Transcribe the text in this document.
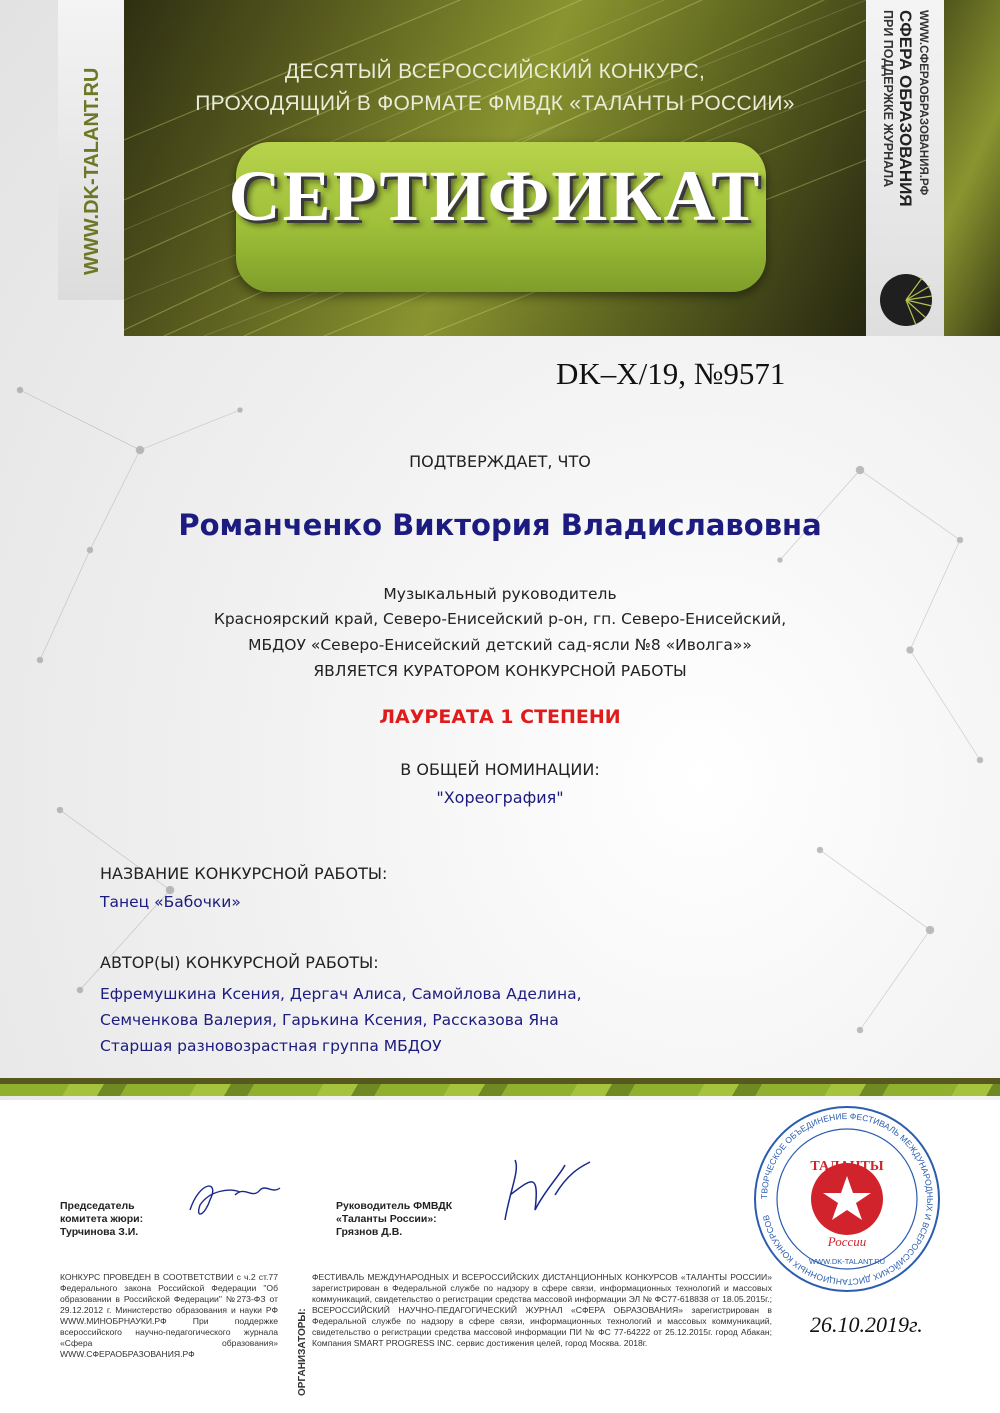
WWW.DK-TALANT.RU	ДЕСЯТЫЙ ВСЕРОССИЙСКИЙ КОНКУРС,
ПРОХОДЯЩИЙ В ФОРМАТЕ ФМВДК «ТАЛАНТЫ РОССИИ»
СЕРТИФИКАТ
ПРИ ПОДДЕРЖКЕ ЖУРНАЛА СФЕРА ОБРАЗОВАНИЯ WWW.СФЕРАОБРАЗОВАНИЯ.РФ
DK–X/19, №9571
ПОДТВЕРЖДАЕТ, ЧТО
Романченко Виктория Владиславовна
Музыкальный руководитель
Красноярский край, Северо-Енисейский р-он, гп. Северо-Енисейский,
МБДОУ «Северо-Енисейский детский сад-ясли №8 «Иволга»»
ЯВЛЯЕТСЯ КУРАТОРОМ КОНКУРСНОЙ РАБОТЫ
ЛАУРЕАТА 1 СТЕПЕНИ
В ОБЩЕЙ НОМИНАЦИИ:
"Хореография"
НАЗВАНИЕ КОНКУРСНОЙ РАБОТЫ:
Танец «Бабочки»
АВТОР(Ы) КОНКУРСНОЙ РАБОТЫ:
Ефремушкина Ксения, Дергач Алиса, Самойлова Аделина,
Семченкова Валерия, Гарькина Ксения, Рассказова Яна
Старшая разновозрастная группа МБДОУ
Председатель
комитета жюри:
Турчинова З.И.
Руководитель ФМВДК
«Таланты России»:
Грязнов Д.В.
КОНКУРС ПРОВЕДЕН В СООТВЕТСТВИИ с ч.2 ст.77 Федерального закона Российской Федерации "Об образовании в Российской Федерации" №273-ФЗ от 29.12.2012 г. Министерство образования и науки РФ WWW.МИНОБРНАУКИ.РФ При поддержке всероссийского научно-педагогического журнала «Сфера образования» WWW.СФЕРАОБРАЗОВАНИЯ.РФ	ОРГАНИЗАТОРЫ:
ФЕСТИВАЛЬ МЕЖДУНАРОДНЫХ И ВСЕРОССИЙСКИХ ДИСТАНЦИОННЫХ КОНКУРСОВ «ТАЛАНТЫ РОССИИ» зарегистрирован в Федеральной службе по надзору в сфере связи, информационных технологий и массовых коммуникаций, свидетельство о регистрации средства массовой информации ЭЛ № ФС77-618838 от 18.05.2015г.; ВСЕРОССИЙСКИЙ НАУЧНО-ПЕДАГОГИЧЕСКИЙ ЖУРНАЛ «СФЕРА ОБРАЗОВАНИЯ» зарегистрирован в Федеральной службе по надзору в сфере связи, информационных технологий и массовых коммуникаций, свидетельство о регистрации средства массовой информации ПИ № ФС 77-64222 от 25.12.2015г. город Абакан; Компания SMART PROGRESS INC. сервис достижения целей, город Москва. 2018г.
ТВОРЧЕСКОЕ ОБЪЕДИНЕНИЕ ФЕСТИВАЛЬ МЕЖДУНАРОДНЫХ И ВСЕРОССИЙСКИХ ДИСТАНЦИОННЫХ КОНКУРСОВ
ТАЛАНТЫ
России
WWW.DK-TALANT.RU
26.10.2019г.
